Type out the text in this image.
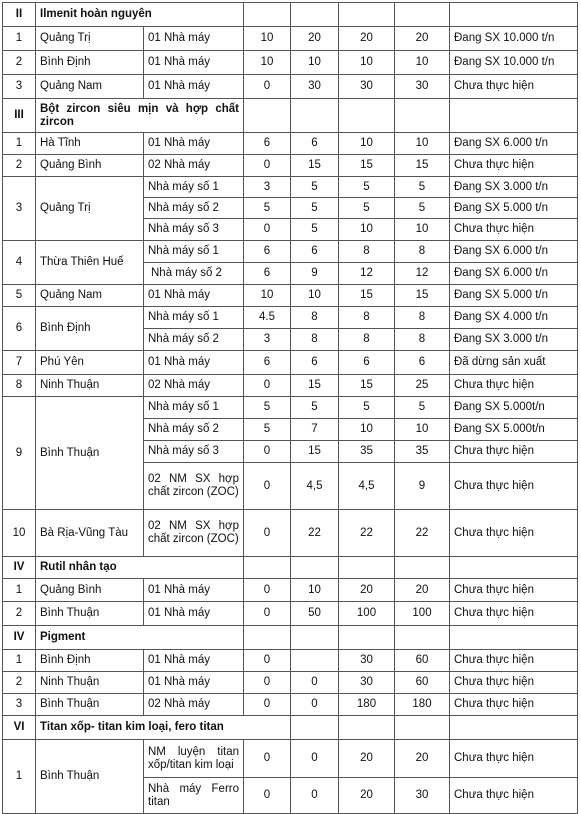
II	Ilmenit hoàn nguyên						
1	Quảng Trị	01 Nhà máy	10	20	20	20	Đang SX 10.000 t/n
2	Bình Định	01 Nhà máy	10	10	10	10	Đang SX 10.000 t/n
3	Quảng Nam	01 Nhà máy	0	30	30	30	Chưa thực hiện
III	Bột zircon siêu mịn và hợp chất zircon						
1	Hà Tĩnh	01 Nhà máy	6	6	10	10	Đang SX 6.000 t/n
2	Quảng Bình	02 Nhà máy	0	15	15	15	Chưa thực hiện
3	Quảng Trị	Nhà máy số 1	3	5	5	5	Đang SX 3.000 t/n
		Nhà máy số 2	5	5	5	5	Đang SX 5.000 t/n
		Nhà máy số 3	0	5	10	10	Chưa thực hiện
4	Thừa Thiên Huế	Nhà máy số 1	6	6	8	8	Đang SX 6.000 t/n
		Nhà máy số 2	6	9	12	12	Đang SX 6.000 t/n
5	Quảng Nam	01 Nhà máy	10	10	15	15	Đang SX 5.000 t/n
6	Bình Định	Nhà máy số 1	4.5	8	8	8	Đang SX 4.000 t/n
		Nhà máy số 2	3	8	8	8	Đang SX 3.000 t/n
7	Phú Yên	01 Nhà máy	6	6	6	6	Đã dừng sản xuất
8	Ninh Thuận	02 Nhà máy	0	15	15	25	Chưa thực hiện
9	Bình Thuận	Nhà máy số 1	5	5	5	5	Đang SX 5.000t/n
		Nhà máy số 2	5	7	10	10	Đang SX 5.000t/n
		Nhà máy số 3	0	15	35	35	Chưa thực hiện
		02 NM SX hợp chất zircon (ZOC)	0	4,5	4,5	9	Chưa thực hiện
10	Bà Rịa-Vũng Tàu	02 NM SX hợp chất zircon (ZOC)	0	22	22	22	Chưa thực hiện
IV	Rutil nhân tạo						
1	Quảng Bình	01 Nhà máy	0	10	20	20	Chưa thực hiện
2	Bình Thuận	01 Nhà máy	0	50	100	100	Chưa thực hiện
IV	Pigment						
1	Bình Định	01 Nhà máy	0		30	60	Chưa thực hiện
2	Ninh Thuận	01 Nhà máy	0	0	30	60	Chưa thực hiện
3	Bình Thuận	02 Nhà máy	0	0	180	180	Chưa thực hiện
VI	Titan xốp- titan kim loại, fero titan						
1	Bình Thuận	NM luyện titan xốp/titan kim loại	0	0	20	20	Chưa thực hiện
		Nhà máy Ferro titan	0	0	20	30	Chưa thực hiện
